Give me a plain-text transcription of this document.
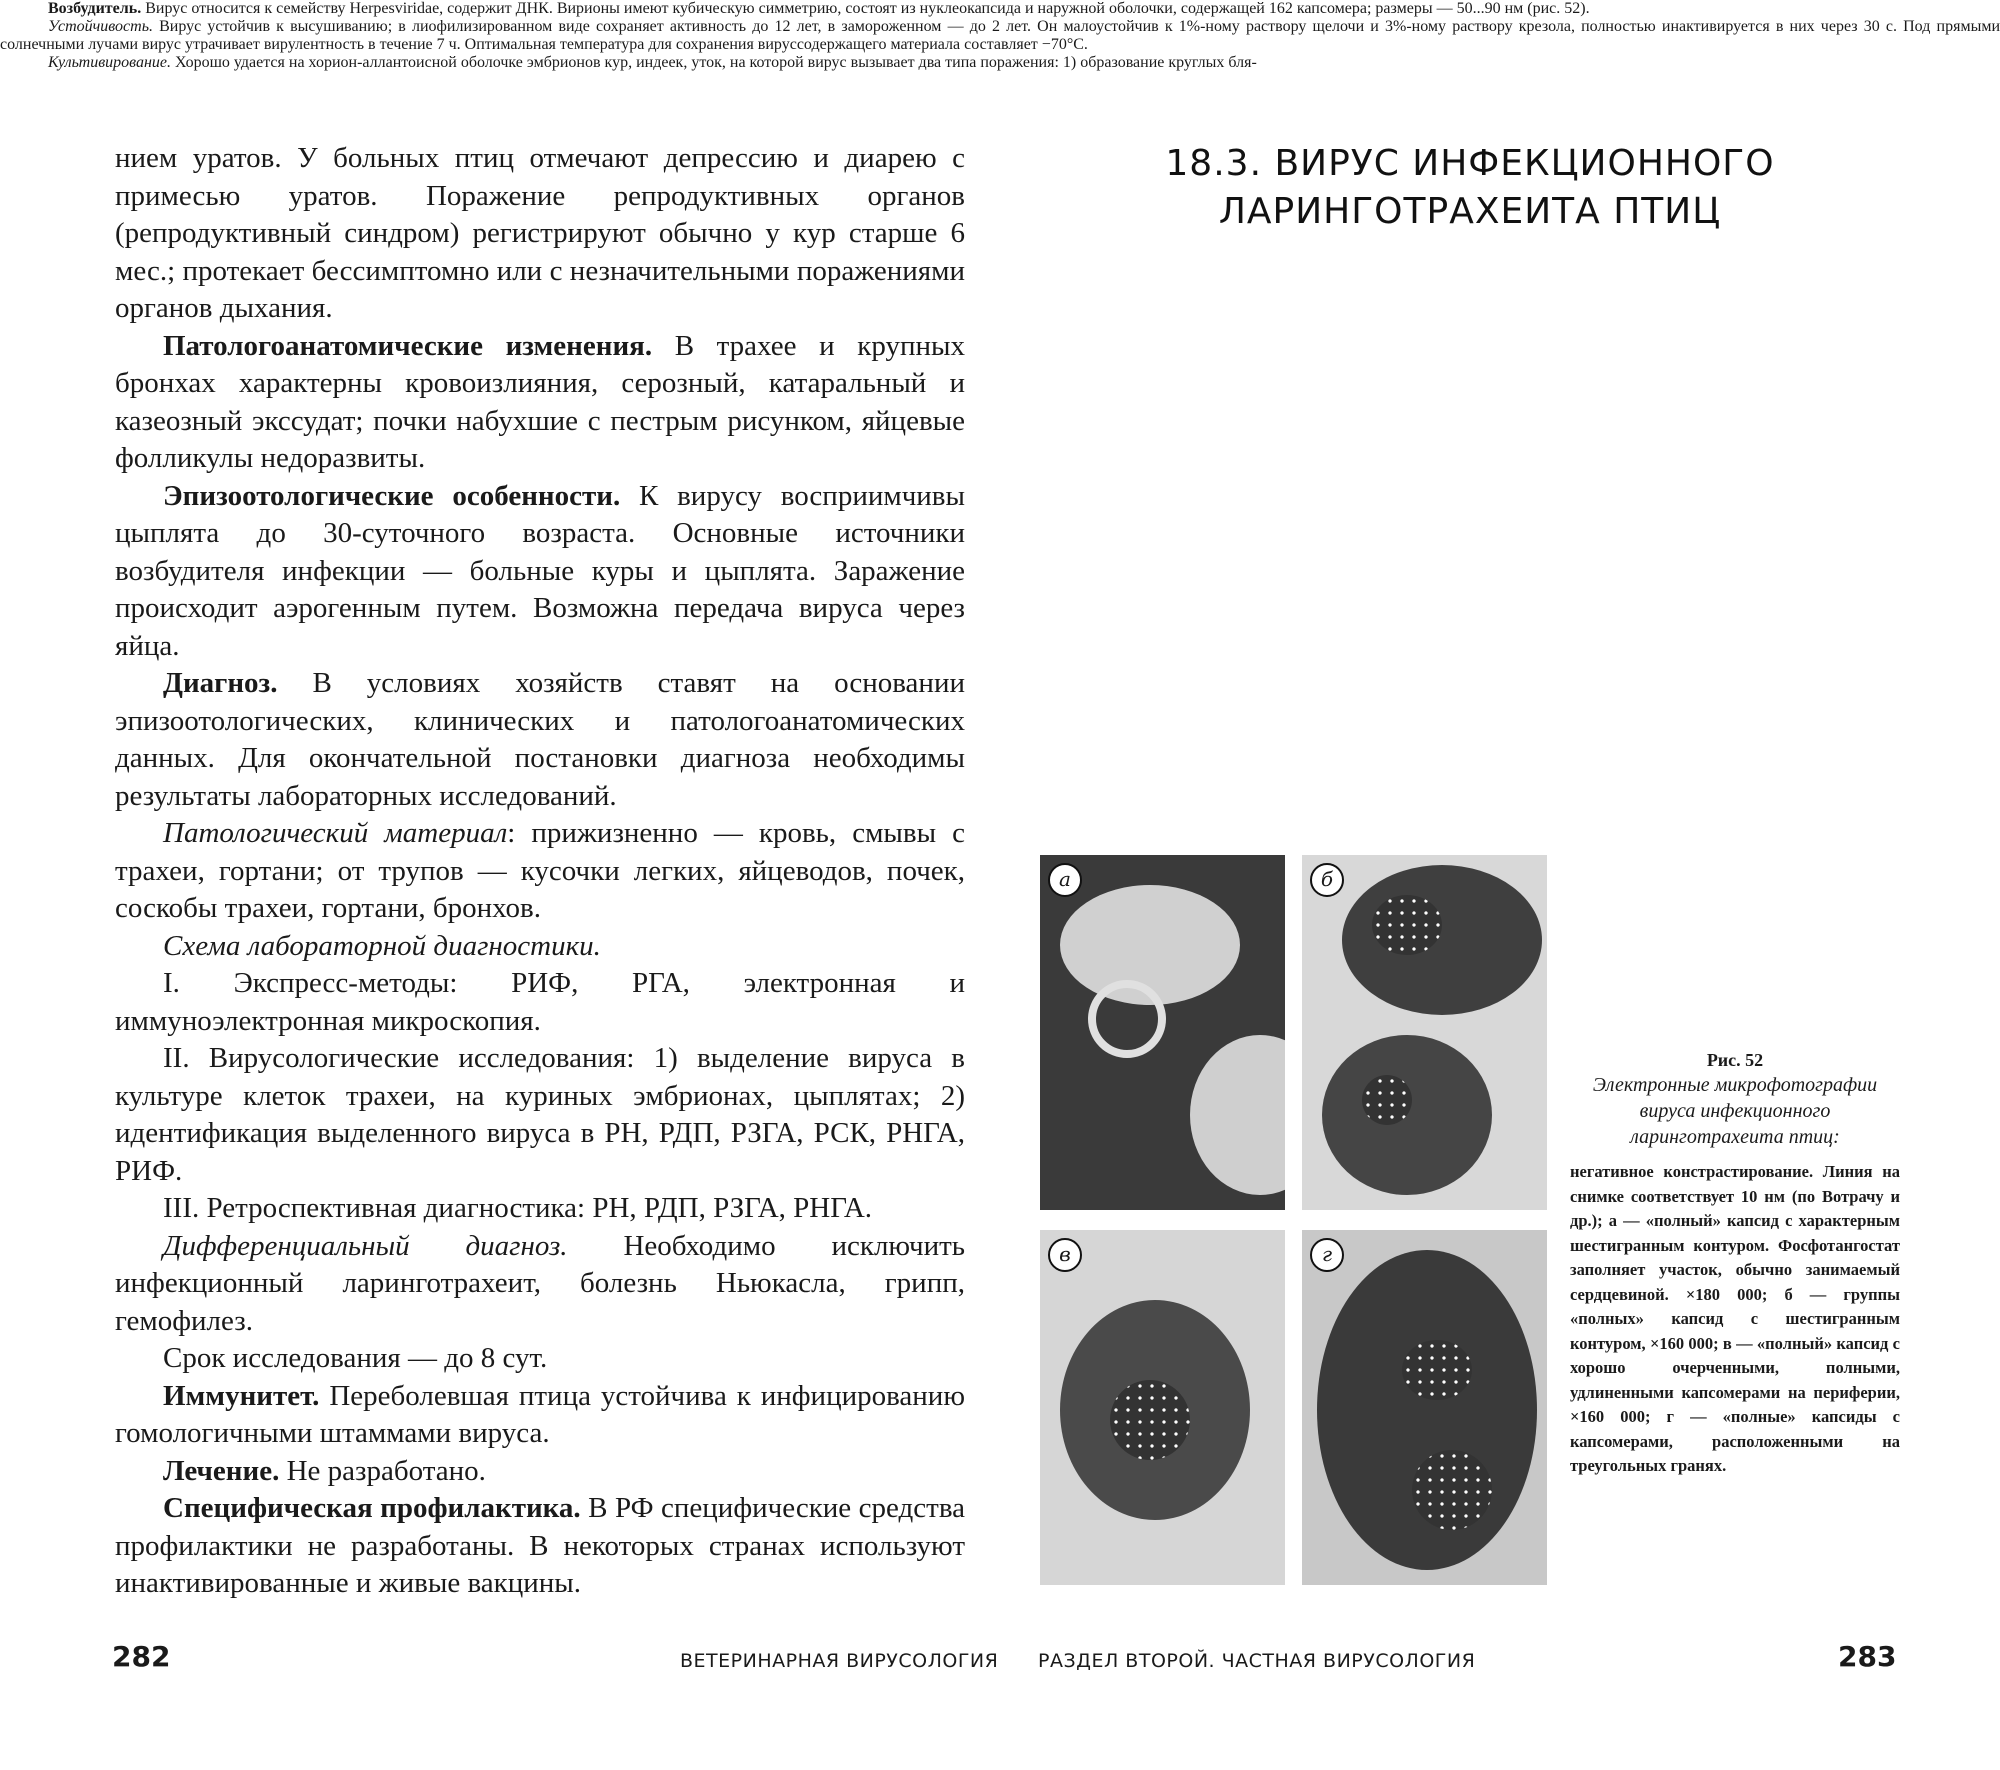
нием уратов. У больных птиц отмечают депрессию и диарею с примесью уратов. Поражение репродуктивных органов (репродуктивный синдром) регистрируют обычно у кур старше 6 мес.; протекает бессимптомно или с незначительными поражениями органов дыхания.

Патологоанатомические изменения. В трахее и крупных бронхах характерны кровоизлияния, серозный, катаральный и казеозный экссудат; почки набухшие с пестрым рисунком, яйцевые фолликулы недоразвиты.

Эпизоотологические особенности. К вирусу восприимчивы цыплята до 30-суточного возраста. Основные источники возбудителя инфекции — больные куры и цыплята. Заражение происходит аэрогенным путем. Возможна передача вируса через яйца.

Диагноз. В условиях хозяйств ставят на основании эпизоотологических, клинических и патологоанатомических данных. Для окончательной постановки диагноза необходимы результаты лабораторных исследований.

Патологический материал: прижизненно — кровь, смывы с трахеи, гортани; от трупов — кусочки легких, яйцеводов, почек, соскобы трахеи, гортани, бронхов.

Схема лабораторной диагностики.

I. Экспресс-методы: РИФ, РГА, электронная и иммуноэлектронная микроскопия.

II. Вирусологические исследования: 1) выделение вируса в культуре клеток трахеи, на куриных эмбрионах, цыплятах; 2) идентификация выделенного вируса в РН, РДП, РЗГА, РСК, РНГА, РИФ.

III. Ретроспективная диагностика: РН, РДП, РЗГА, РНГА.

Дифференциальный диагноз. Необходимо исключить инфекционный ларинготрахеит, болезнь Ньюкасла, грипп, гемофилез.

Срок исследования — до 8 сут.

Иммунитет. Переболевшая птица устойчива к инфицированию гомологичными штаммами вируса.

Лечение. Не разработано.

Специфическая профилактика. В РФ специфические средства профилактики не разработаны. В некоторых странах используют инактивированные и живые вакцины.

282	ВЕТЕРИНАРНАЯ ВИРУСОЛОГИЯ
18.3. ВИРУС ИНФЕКЦИОННОГО
ЛАРИНГОТРАХЕИТА ПТИЦ

Возбудитель. Вирус относится к семейству Herpesviridae, содержит ДНК. Вирионы имеют кубическую симметрию, состоят из нуклеокапсида и наружной оболочки, содержащей 162 капсомера; размеры — 50...90 нм (рис. 52).

Устойчивость. Вирус устойчив к высушиванию; в лиофилизированном виде сохраняет активность до 12 лет, в замороженном — до 2 лет. Он малоустойчив к 1%-ному раствору щелочи и 3%-ному раствору крезола, полностью инактивируется в них через 30 с. Под прямыми солнечными лучами вирус утрачивает вирулентность в течение 7 ч. Оптимальная температура для сохранения вируссодержащего материала составляет −70°С.

Культивирование. Хорошо удается на хорион-аллантоисной оболочке эмбрионов кур, индеек, уток, на которой вирус вызывает два типа поражения: 1) образование круглых бля-

а	б
в	г
Рис. 52
Электронные микрофотографии вируса инфекционного ларинготрахеита птиц:
негативное констрастирование. Линия на снимке соответствует 10 нм (по Вотрачу и др.); а — «полный» капсид с характерным шестигранным контуром. Фосфотангостат заполняет участок, обычно занимаемый сердцевиной. ×180 000; б — группы «полных» капсид с шестигранным контуром, ×160 000; в — «полный» капсид с хорошо очерченными, полными, удлиненными капсомерами на периферии, ×160 000; г — «полные» капсиды с капсомерами, расположенными на треугольных гранях.
РАЗДЕЛ ВТОРОЙ. ЧАСТНАЯ ВИРУСОЛОГИЯ	283
